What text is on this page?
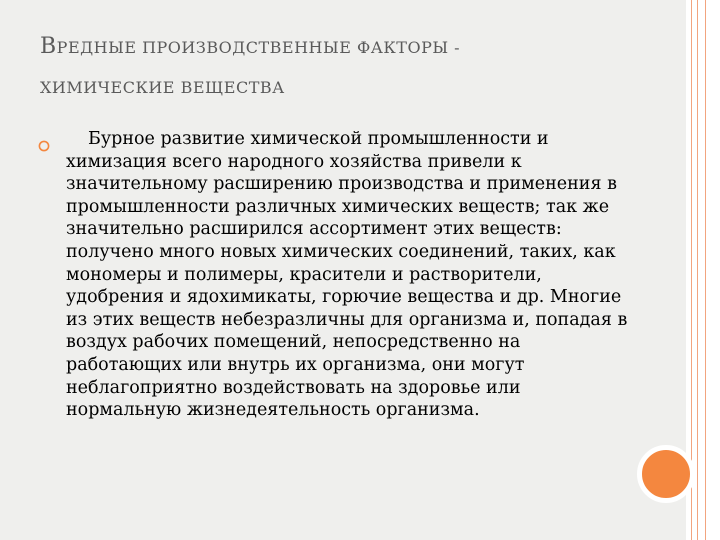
ВРЕДНЫЕ ПРОИЗВОДСТВЕННЫЕ ФАКТОРЫ -
ХИМИЧЕСКИЕ ВЕЩЕСТВА

Бурное развитие химической промышленности и химизация всего народного хозяйства привели к значительному расширению производства и применения в промышленности различных химических веществ; так же значительно расширился ассортимент этих веществ: получено много новых химических соединений, таких, как мономеры и полимеры, красители и растворители, удобрения и ядохимикаты, горючие вещества и др. Многие из этих веществ небезразличны для организма и, попадая в воздух рабочих помещений, непосредственно на работающих или внутрь их организма, они могут неблагоприятно воздействовать на здоровье или нормальную жизнедеятельность организма.
